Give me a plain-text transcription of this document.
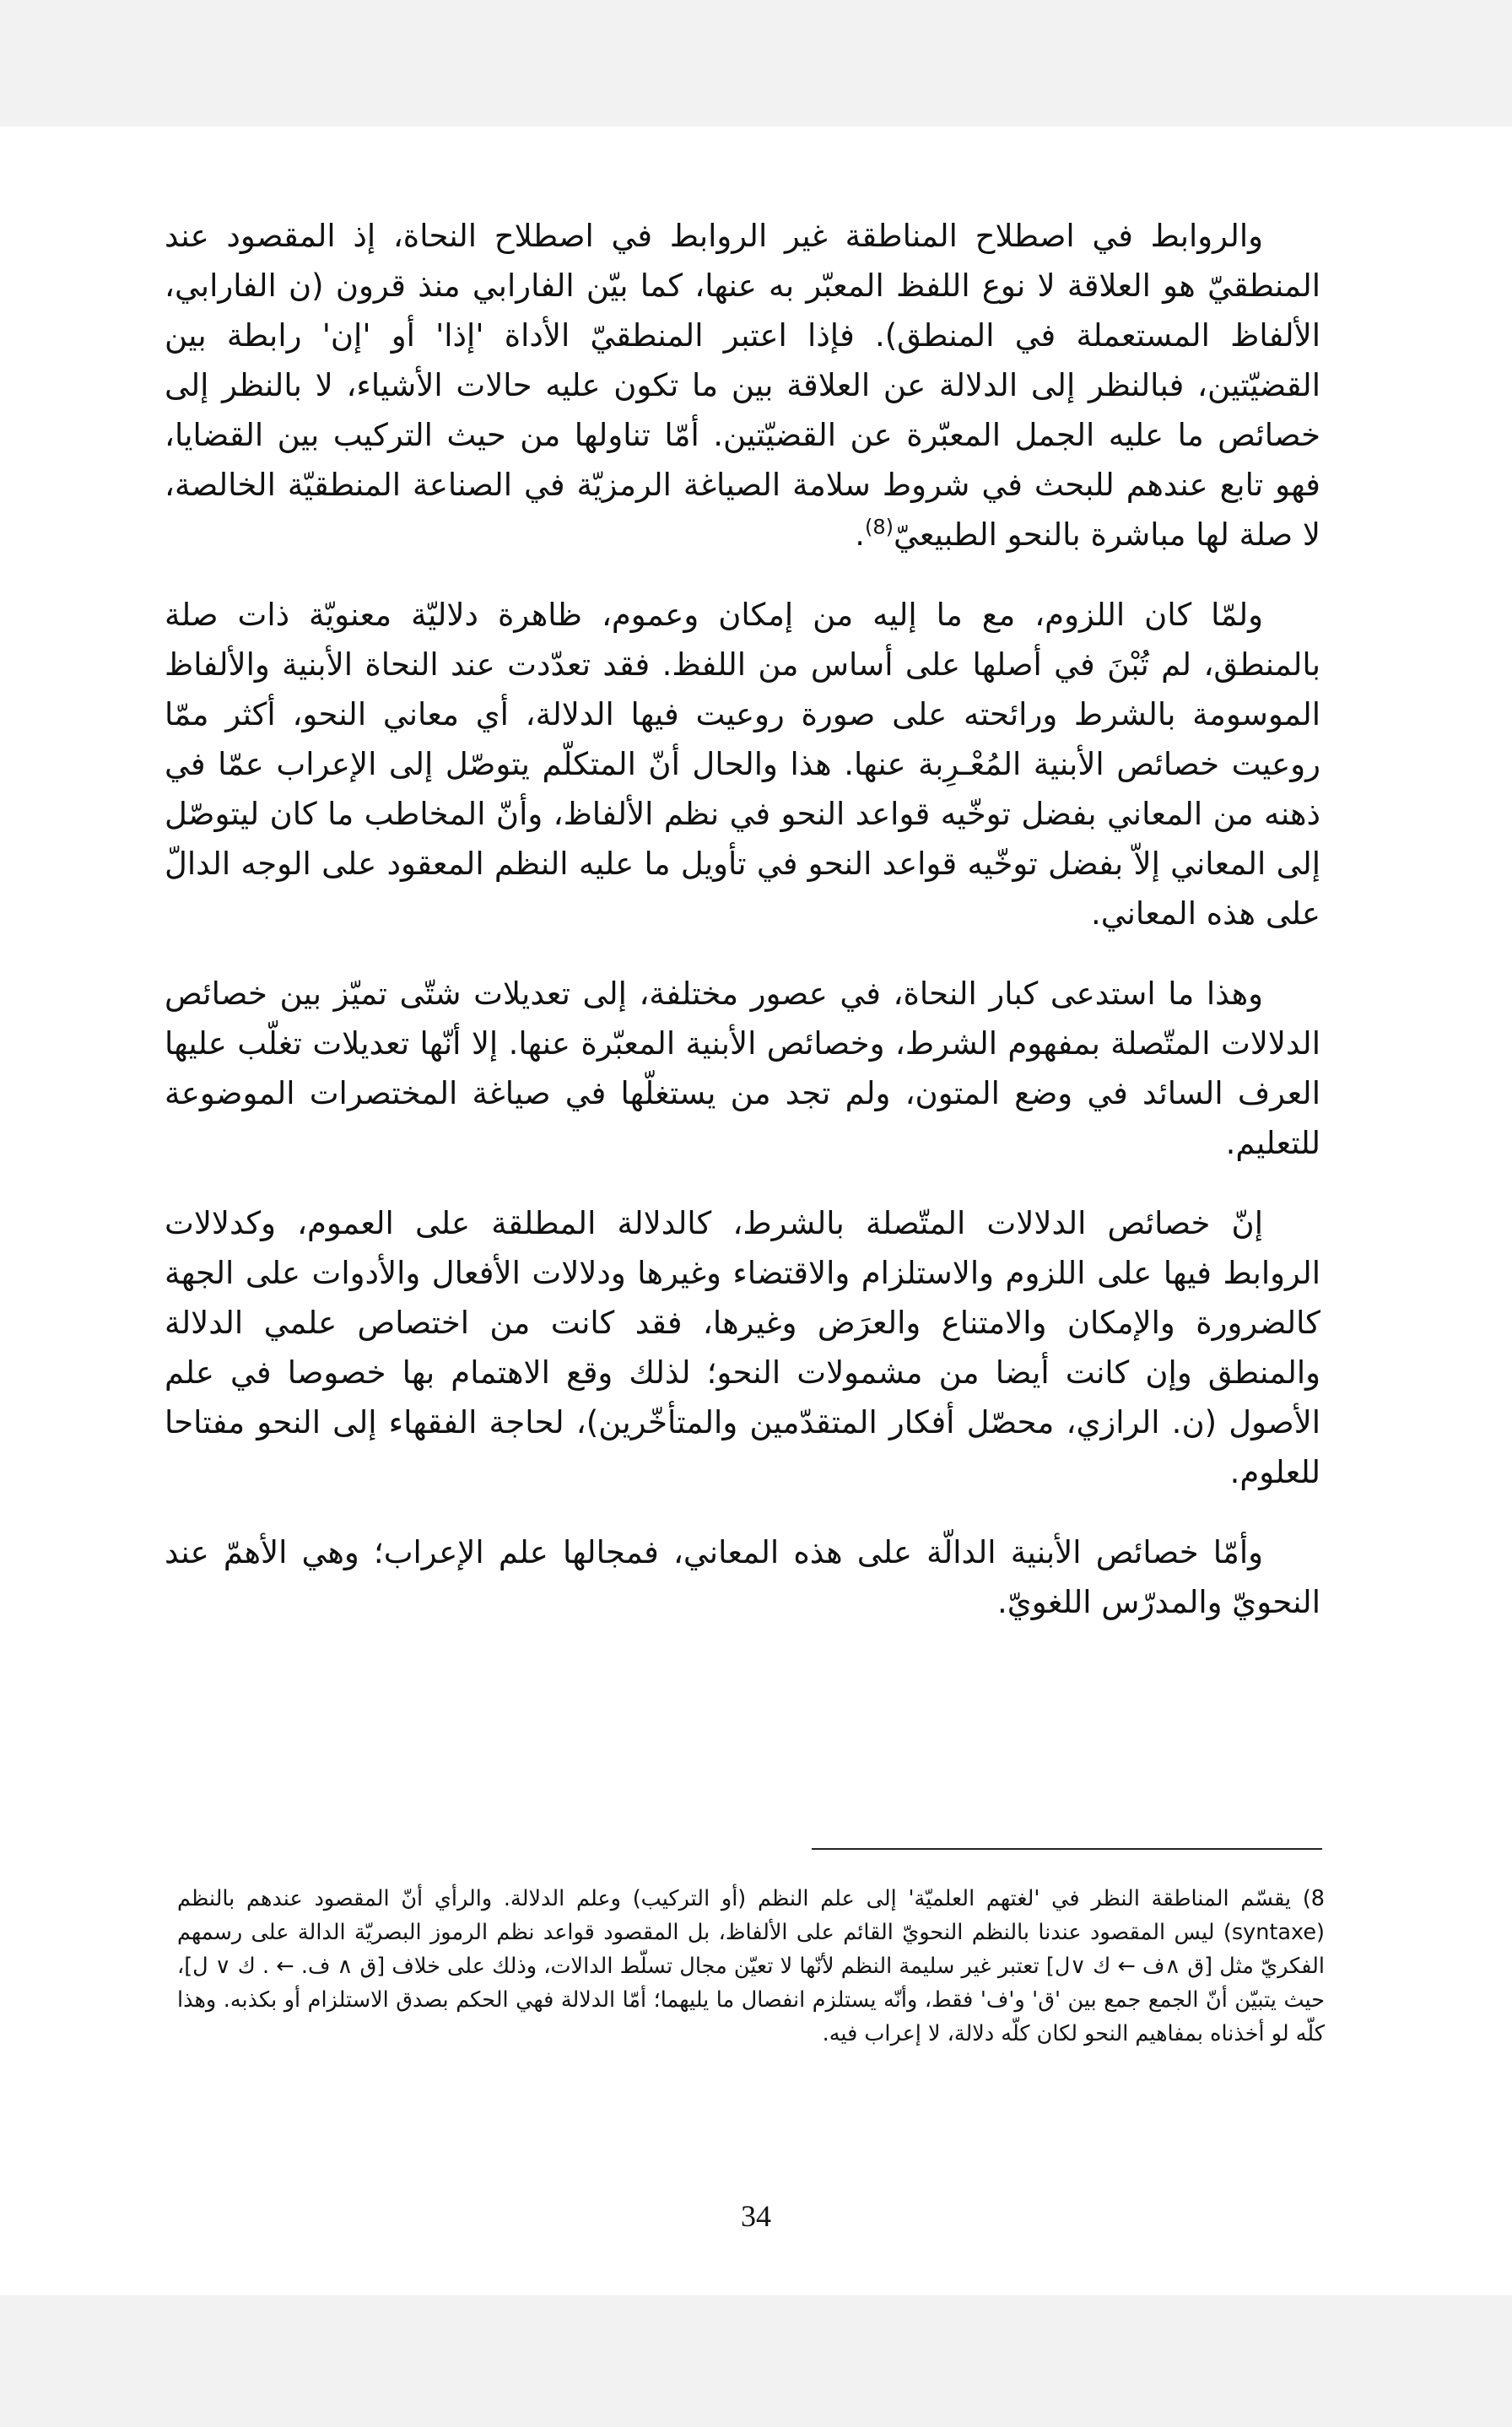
والروابط في اصطلاح المناطقة غير الروابط في اصطلاح النحاة، إذ المقصود عند المنطقيّ هو العلاقة لا نوع اللفظ المعبّر به عنها، كما بيّن الفارابي منذ قرون (ن الفارابي، الألفاظ المستعملة في المنطق). فإذا اعتبر المنطقيّ الأداة 'إذا' أو 'إن' رابطة بين القضيّتين، فبالنظر إلى الدلالة عن العلاقة بين ما تكون عليه حالات الأشياء، لا بالنظر إلى خصائص ما عليه الجمل المعبّرة عن القضيّتين. أمّا تناولها من حيث التركيب بين القضايا، فهو تابع عندهم للبحث في شروط سلامة الصياغة الرمزيّة في الصناعة المنطقيّة الخالصة، لا صلة لها مباشرة بالنحو الطبيعيّ$^{(8)}$.

ولمّا كان اللزوم، مع ما إليه من إمكان وعموم، ظاهرة دلاليّة معنويّة ذات صلة بالمنطق، لم تُبْنَ في أصلها على أساس من اللفظ. فقد تعدّدت عند النحاة الأبنية والألفاظ الموسومة بالشرط ورائحته على صورة روعيت فيها الدلالة، أي معاني النحو، أكثر ممّا روعيت خصائص الأبنية المُعْـرِبة عنها. هذا والحال أنّ المتكلّم يتوصّل إلى الإعراب عمّا في ذهنه من المعاني بفضل توخّيه قواعد النحو في نظم الألفاظ، وأنّ المخاطب ما كان ليتوصّل إلى المعاني إلاّ بفضل توخّيه قواعد النحو في تأويل ما عليه النظم المعقود على الوجه الدالّ على هذه المعاني.

وهذا ما استدعى كبار النحاة، في عصور مختلفة، إلى تعديلات شتّى تميّز بين خصائص الدلالات المتّصلة بمفهوم الشرط، وخصائص الأبنية المعبّرة عنها. إلا أنّها تعديلات تغلّب عليها العرف السائد في وضع المتون، ولم تجد من يستغلّها في صياغة المختصرات الموضوعة للتعليم.

إنّ خصائص الدلالات المتّصلة بالشرط، كالدلالة المطلقة على العموم، وكدلالات الروابط فيها على اللزوم والاستلزام والاقتضاء وغيرها ودلالات الأفعال والأدوات على الجهة كالضرورة والإمكان والامتناع والعرَض وغيرها، فقد كانت من اختصاص علمي الدلالة والمنطق وإن كانت أيضا من مشمولات النحو؛ لذلك وقع الاهتمام بها خصوصا في علم الأصول (ن. الرازي، محصّل أفكار المتقدّمين والمتأخّرين)، لحاجة الفقهاء إلى النحو مفتاحا للعلوم.

وأمّا خصائص الأبنية الدالّة على هذه المعاني، فمجالها علم الإعراب؛ وهي الأهمّ عند النحويّ والمدرّس اللغويّ.

8) يقسّم المناطقة النظر في 'لغتهم العلميّة' إلى علم النظم (أو التركيب) وعلم الدلالة. والرأي أنّ المقصود عندهم بالنظم (syntaxe) ليس المقصود عندنا بالنظم النحويّ القائم على الألفاظ، بل المقصود قواعد نظم الرموز البصريّة الدالة على رسمهم الفكريّ مثل [ق ∧ف ← ك ∨ل] تعتبر غير سليمة النظم لأنّها لا تعيّن مجال تسلّط الدالات، وذلك على خلاف [ق ∧ ف. ← . ك ∨ ل]، حيث يتبيّن أنّ الجمع جمع بين 'ق' و'ف' فقط، وأنّه يستلزم انفصال ما يليهما؛ أمّا الدلالة فهي الحكم بصدق الاستلزام أو بكذبه. وهذا كلّه لو أخذناه بمفاهيم النحو لكان كلّه دلالة، لا إعراب فيه.
34
